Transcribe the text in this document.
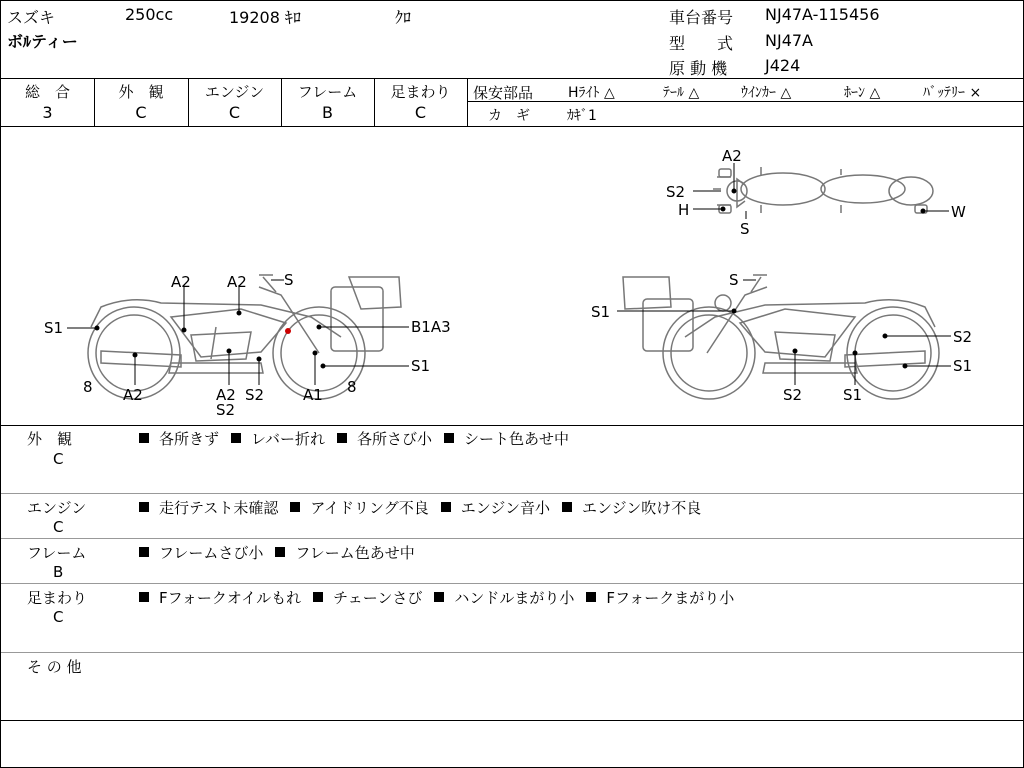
スズキ	250cc	19208 ｷﾛ	ｸﾛ
ボﾙティー
車台番号 NJ47A-115456
型　　式 NJ47A
原 動 機 J424
総　合
3
外　観
C
エンジン
C
フレーム
B
足まわり
C
保安部品 Hﾗｲﾄ △	ﾃｰﾙ △	ｳｲﾝｶｰ △	ﾎｰﾝ △	ﾊﾞｯﾃﾘｰ ×
カ　ギ	ｶｷﾞ1
A2 A2 S
S1	B1A3
S1
8 A2	A2 S2
S2
A1 8
S
S1
S2
S1
S2	S1
A2
S2
H
S
W
外　観
C
各所きず レバー折れ 各所さび小 シート色あせ中
エンジン
C
走行テスト未確認 アイドリング不良 エンジン音小 エンジン吹け不良
フレーム
B
フレームさび小 フレーム色あせ中
足まわり
C
Fフォークオイルもれ チェーンさび ハンドルまがり小 Fフォークまがり小
そ の 他
